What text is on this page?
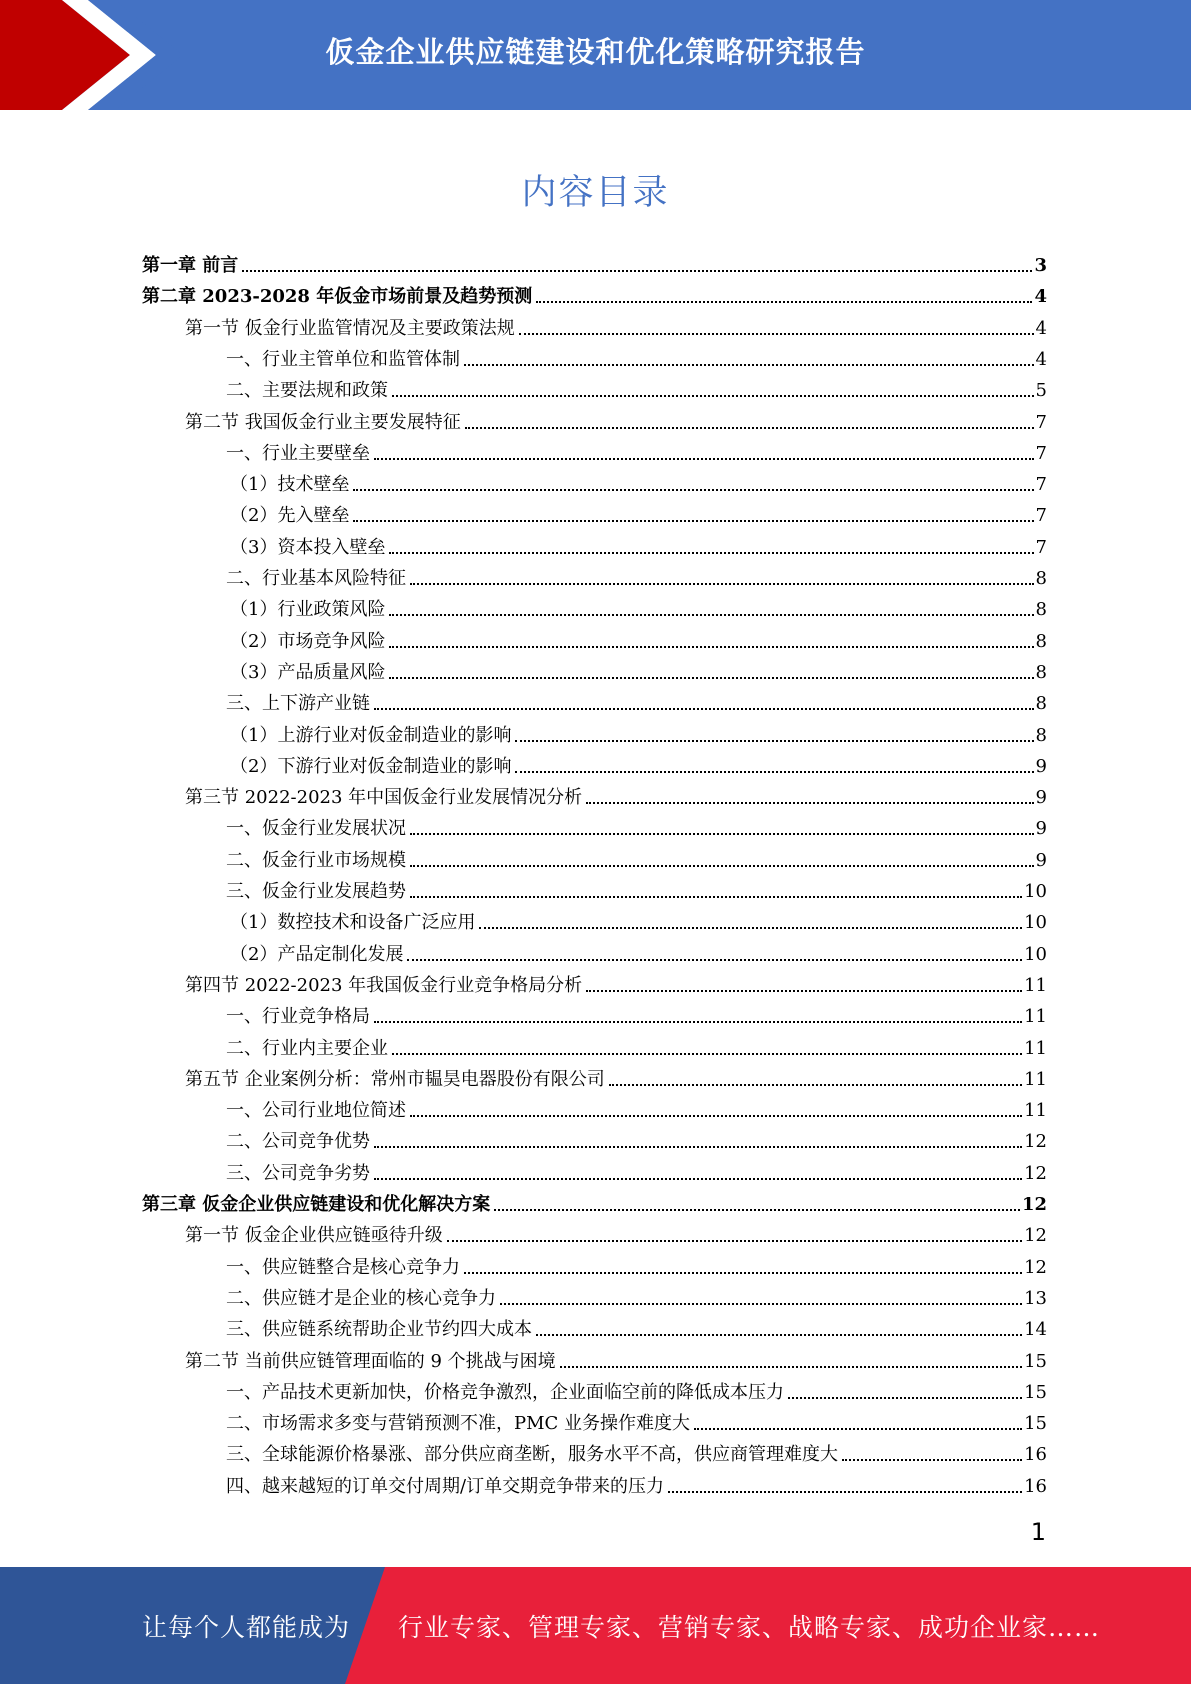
仮金企业供应链建设和优化策略研究报告
内容目录
第一章 前言	3
第二章 2023-2028 年仮金市场前景及趋势预测	4
第一节 仮金行业监管情况及主要政策法规	4
一、行业主管单位和监管体制	4
二、主要法规和政策	5
第二节 我国仮金行业主要发展特征	7
一、行业主要壁垒	7
（1）技术壁垒	7
（2）先入壁垒	7
（3）资本投入壁垒	7
二、行业基本风险特征	8
（1）行业政策风险	8
（2）市场竞争风险	8
（3）产品质量风险	8
三、上下游产业链	8
（1）上游行业对仮金制造业的影响	8
（2）下游行业对仮金制造业的影响	9
第三节 2022-2023 年中国仮金行业发展情况分析	9
一、仮金行业发展状况	9
二、仮金行业市场规模	9
三、仮金行业发展趋势	10
（1）数控技术和设备广泛应用	10
（2）产品定制化发展	10
第四节 2022-2023 年我国仮金行业竞争格局分析	11
一、行业竞争格局	11
二、行业内主要企业	11
第五节 企业案例分析：常州市韫昊电器股份有限公司	11
一、公司行业地位简述	11
二、公司竞争优势	12
三、公司竞争劣势	12
第三章 仮金企业供应链建设和优化解决方案	12
第一节 仮金企业供应链亟待升级	12
一、供应链整合是核心竞争力	12
二、供应链才是企业的核心竞争力	13
三、供应链系统帮助企业节约四大成本	14
第二节 当前供应链管理面临的 9 个挑战与困境	15
一、产品技术更新加快，价格竞争激烈，企业面临空前的降低成本压力	15
二、市场需求多变与营销预测不准，PMC 业务操作难度大	15
三、全球能源价格暴涨、部分供应商垄断，服务水平不高，供应商管理难度大	16
四、越来越短的订单交付周期/订单交期竞争带来的压力	16
1
让每个人都能成为 行业专家、管理专家、营销专家、战略专家、成功企业家……
